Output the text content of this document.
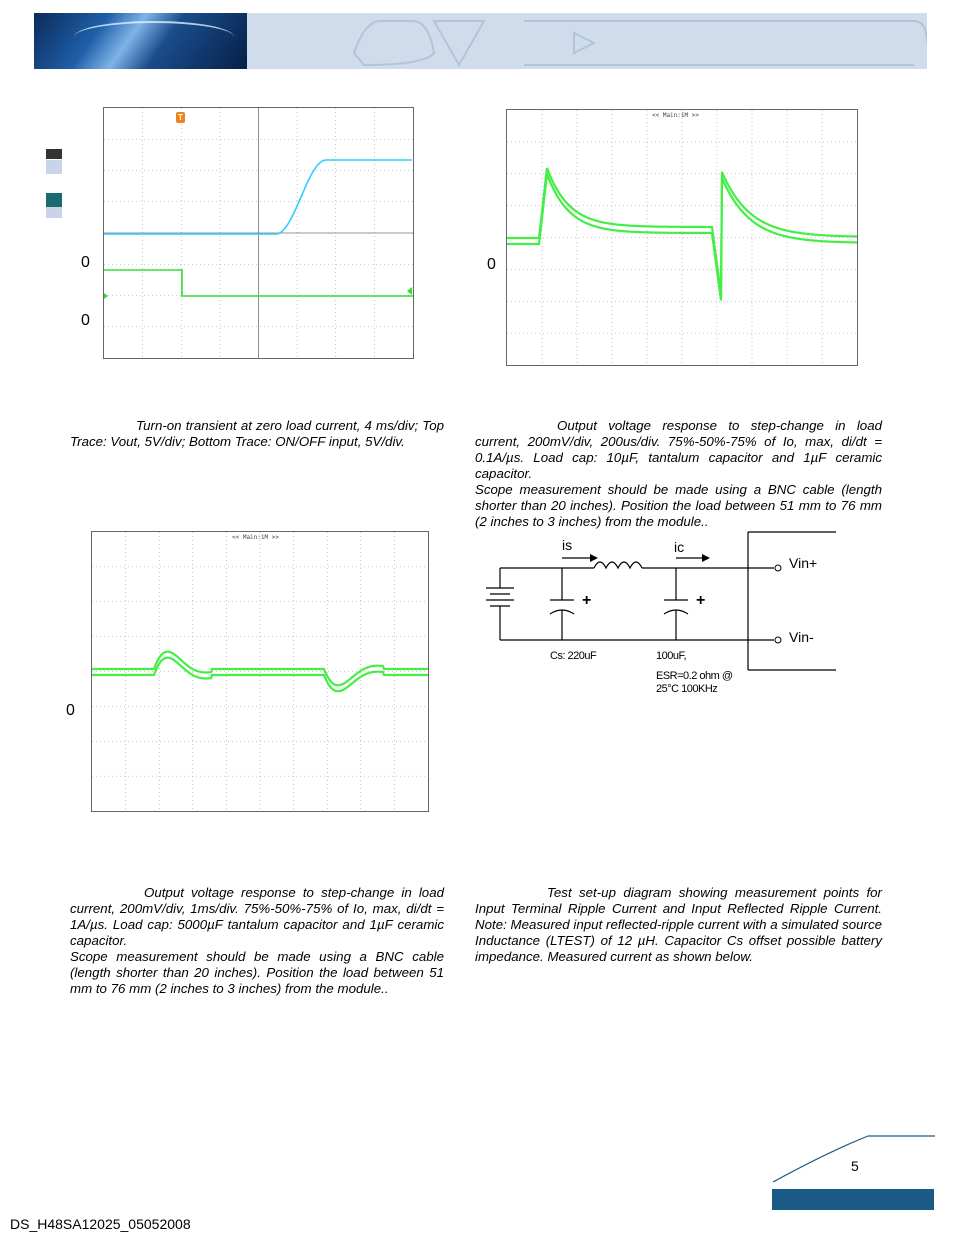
0
0
T	<< Main:1M >>
0
<< Main:1M >>
0
is	ic
Vin+
Vin-
+	+
Cs: 220uF	100uF,
ESR=0.2 ohm @
25°C 100KHz

Turn-on transient at zero load current, 4 ms/div; Top Trace: Vout, 5V/div; Bottom Trace: ON/OFF input, 5V/div.

Output voltage response to step-change in load current, 200mV/div, 200us/div. 75%-50%-75% of Io, max, di/dt = 0.1A/µs. Load cap: 10µF, tantalum capacitor and 1µF ceramic capacitor.

Scope measurement should be made using a BNC cable (length shorter than 20 inches). Position the load between 51 mm to 76 mm (2 inches to 3 inches) from the module..

Output voltage response to step-change in load current, 200mV/div, 1ms/div. 75%-50%-75% of Io, max, di/dt = 1A/µs. Load cap: 5000µF tantalum capacitor and 1µF ceramic capacitor.

Scope measurement should be made using a BNC cable (length shorter than 20 inches). Position the load between 51 mm to 76 mm (2 inches to 3 inches) from the module..

Test set-up diagram showing measurement points for Input Terminal Ripple Current and Input Reflected Ripple Current. Note: Measured input reflected-ripple current with a simulated source Inductance (LTEST) of 12 µH. Capacitor Cs offset possible battery impedance. Measured current as shown below.

5
DS_H48SA12025_05052008
